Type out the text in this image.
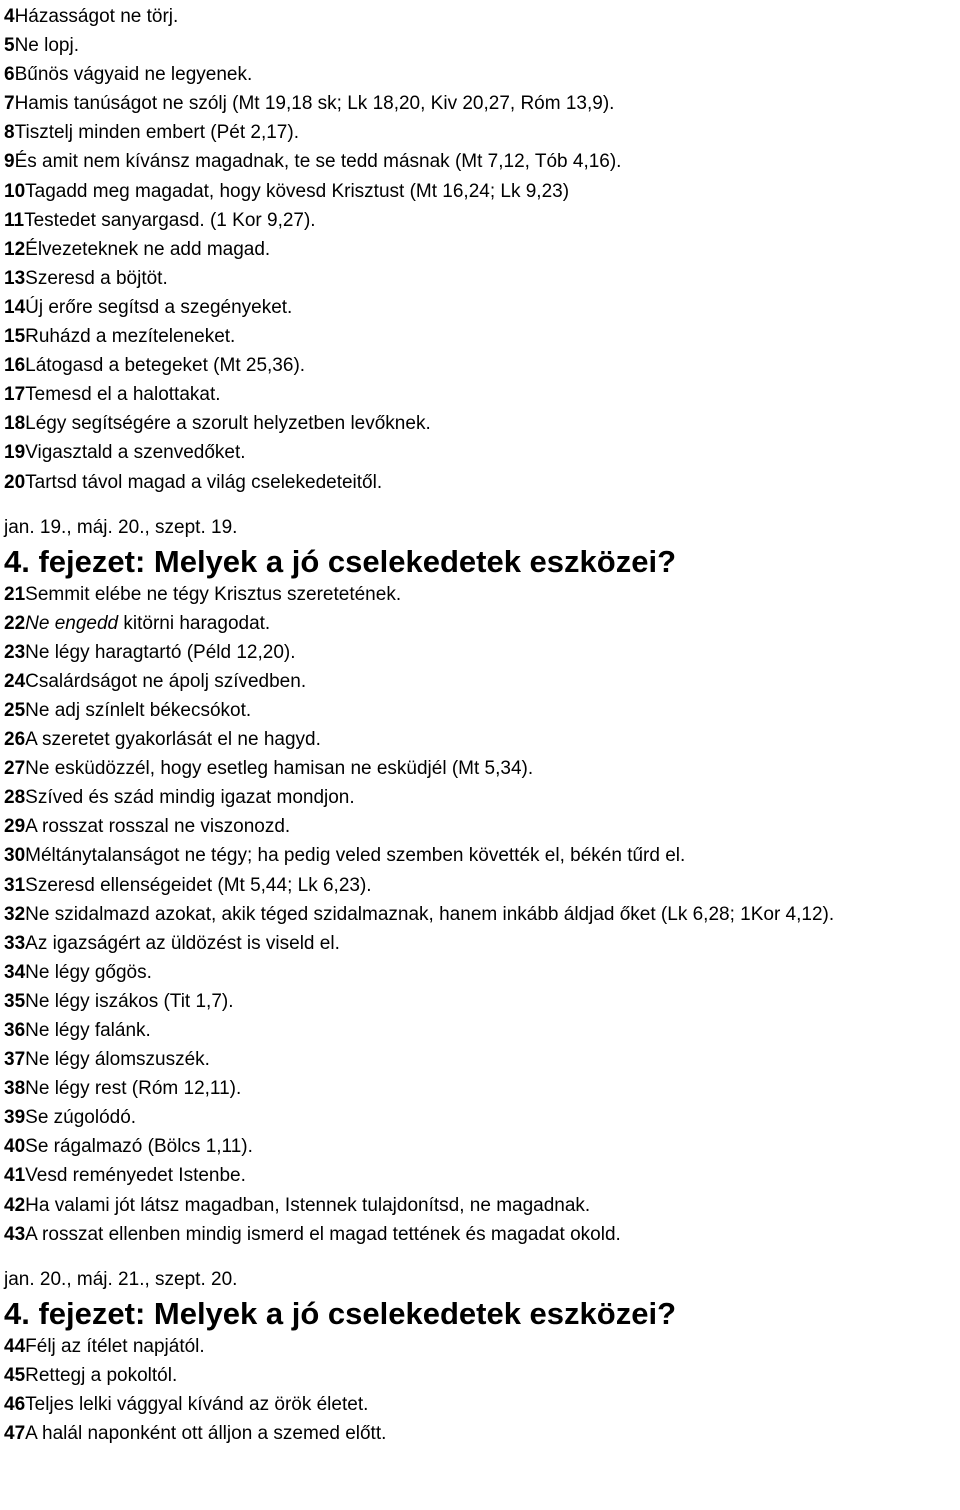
4Házasságot ne törj.
5Ne lopj.
6Bűnös vágyaid ne legyenek.
7Hamis tanúságot ne szólj (Mt 19,18 sk; Lk 18,20, Kiv 20,27, Róm 13,9).
8Tisztelj minden embert (Pét 2,17).
9És amit nem kívánsz magadnak, te se tedd másnak (Mt 7,12, Tób 4,16).
10Tagadd meg magadat, hogy kövesd Krisztust (Mt 16,24; Lk 9,23)
11Testedet sanyargasd. (1 Kor 9,27).
12Élvezeteknek ne add magad.
13Szeresd a böjtöt.
14Új erőre segítsd a szegényeket.
15Ruházd a mezíteleneket.
16Látogasd a betegeket (Mt 25,36).
17Temesd el a halottakat.
18Légy segítségére a szorult helyzetben levőknek.
19Vigasztald a szenvedőket.
20Tartsd távol magad a világ cselekedeteitől.
jan. 19., máj. 20., szept. 19.
4. fejezet: Melyek a jó cselekedetek eszközei?
21Semmit elébe ne tégy Krisztus szeretetének.
22Ne engedd kitörni haragodat.
23Ne légy haragtartó (Péld 12,20).
24Csalárdságot ne ápolj szívedben.
25Ne adj színlelt békecsókot.
26A szeretet gyakorlását el ne hagyd.
27Ne esküdözzél, hogy esetleg hamisan ne esküdjél (Mt 5,34).
28Szíved és szád mindig igazat mondjon.
29A rosszat rosszal ne viszonozd.
30Méltánytalanságot ne tégy; ha pedig veled szemben követték el, békén tűrd el.
31Szeresd ellenségeidet (Mt 5,44; Lk 6,23).
32Ne szidalmazd azokat, akik téged szidalmaznak, hanem inkább áldjad őket (Lk 6,28; 1Kor 4,12).
33Az igazságért az üldözést is viseld el.
34Ne légy gőgös.
35Ne légy iszákos (Tit 1,7).
36Ne légy falánk.
37Ne légy álomszuszék.
38Ne légy rest (Róm 12,11).
39Se zúgolódó.
40Se rágalmazó (Bölcs 1,11).
41Vesd reményedet Istenbe.
42Ha valami jót látsz magadban, Istennek tulajdonítsd, ne magadnak.
43A rosszat ellenben mindig ismerd el magad tettének és magadat okold.
jan. 20., máj. 21., szept. 20.
4. fejezet: Melyek a jó cselekedetek eszközei?
44Félj az ítélet napjától.
45Rettegj a pokoltól.
46Teljes lelki vággyal kívánd az örök életet.
47A halál naponként ott álljon a szemed előtt.
